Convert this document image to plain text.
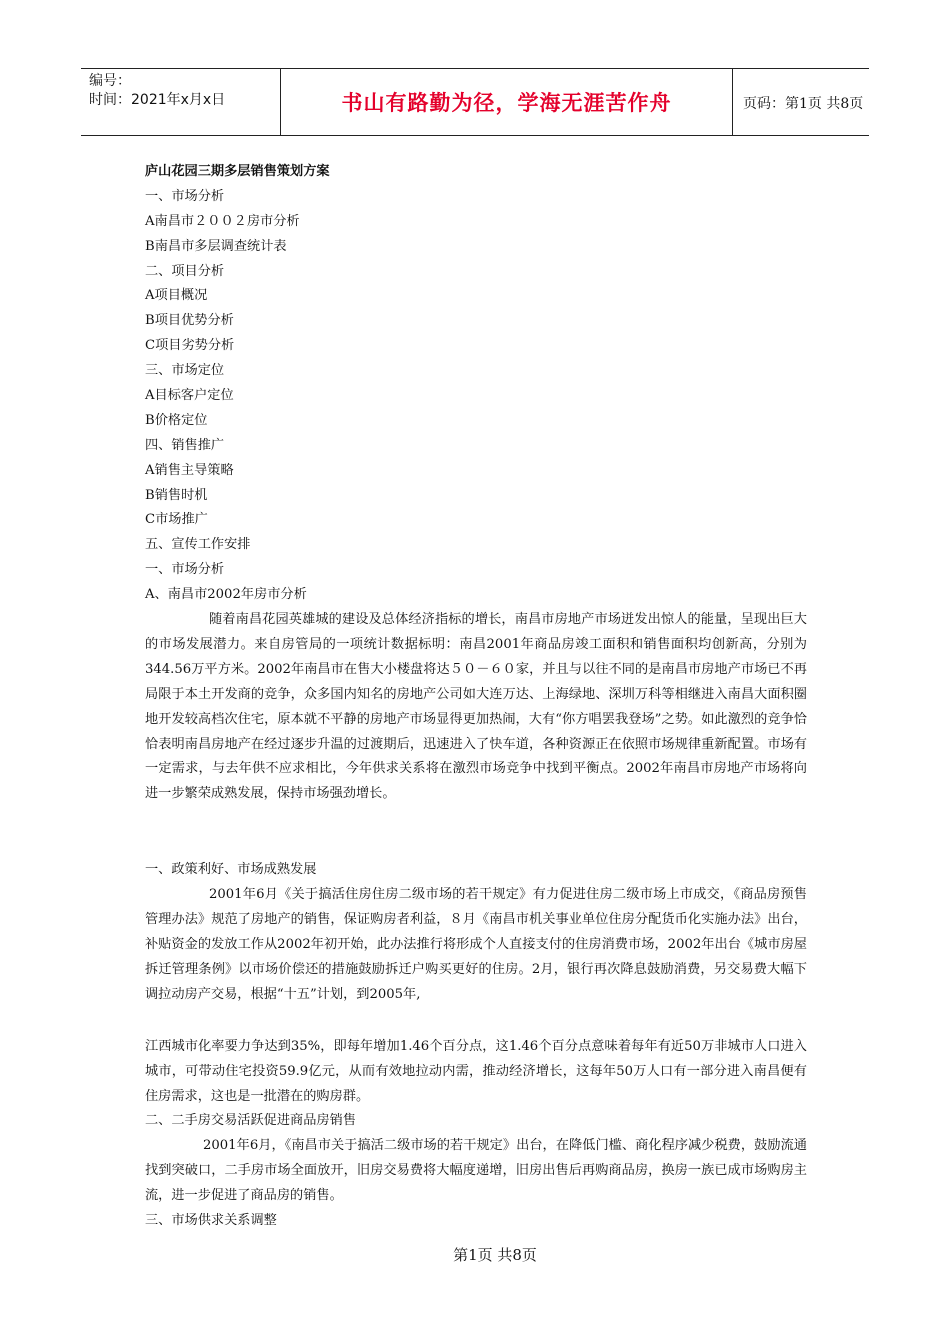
编号：
时间：2021年x月x日	书山有路勤为径，学海无涯苦作舟	页码：第1页 共8页
庐山花园三期多层销售策划方案
一、市场分析
A南昌市２００２房市分析
B南昌市多层调查统计表
二、项目分析
A项目概况
B项目优势分析
C项目劣势分析
三、市场定位
A目标客户定位
B价格定位
四、销售推广
A销售主导策略
B销售时机
C市场推广
五、宣传工作安排
一、市场分析
A、南昌市2002年房市分析

随着南昌花园英雄城的建设及总体经济指标的增长，南昌市房地产市场迸发出惊人的能量，呈现出巨大的市场发展潜力。来自房管局的一项统计数据标明：南昌2001年商品房竣工面积和销售面积均创新高，分别为344.56万平方米。2002年南昌市在售大小楼盘将达５０－６０家，并且与以往不同的是南昌市房地产市场已不再局限于本土开发商的竞争，众多国内知名的房地产公司如大连万达、上海绿地、深圳万科等相继进入南昌大面积圈地开发较高档次住宅，原本就不平静的房地产市场显得更加热闹，大有“你方唱罢我登场”之势。如此激烈的竞争恰恰表明南昌房地产在经过逐步升温的过渡期后，迅速进入了快车道，各种资源正在依照市场规律重新配置。市场有一定需求，与去年供不应求相比，今年供求关系将在激烈市场竞争中找到平衡点。2002年南昌市房地产市场将向进一步繁荣成熟发展，保持市场强劲增长。

一、政策利好、市场成熟发展

2001年6月《关于搞活住房住房二级市场的若干规定》有力促进住房二级市场上市成交，《商品房预售管理办法》规范了房地产的销售，保证购房者利益，８月《南昌市机关事业单位住房分配货币化实施办法》出台，补贴资金的发放工作从2002年初开始，此办法推行将形成个人直接支付的住房消费市场，2002年出台《城市房屋拆迁管理条例》以市场价偿还的措施鼓励拆迁户购买更好的住房。2月，银行再次降息鼓励消费，另交易费大幅下调拉动房产交易，根据“十五”计划，到2005年,

江西城市化率要力争达到35%，即每年增加1.46个百分点，这1.46个百分点意味着每年有近50万非城市人口进入城市，可带动住宅投资59.9亿元，从而有效地拉动内需，推动经济增长，这每年50万人口有一部分进入南昌便有住房需求，这也是一批潜在的购房群。

二、二手房交易活跃促进商品房销售

2001年6月，《南昌市关于搞活二级市场的若干规定》出台，在降低门槛、商化程序减少税费，鼓励流通找到突破口，二手房市场全面放开，旧房交易费将大幅度递增，旧房出售后再购商品房，换房一族已成市场购房主流，进一步促进了商品房的销售。

三、市场供求关系调整
第1页 共8页
